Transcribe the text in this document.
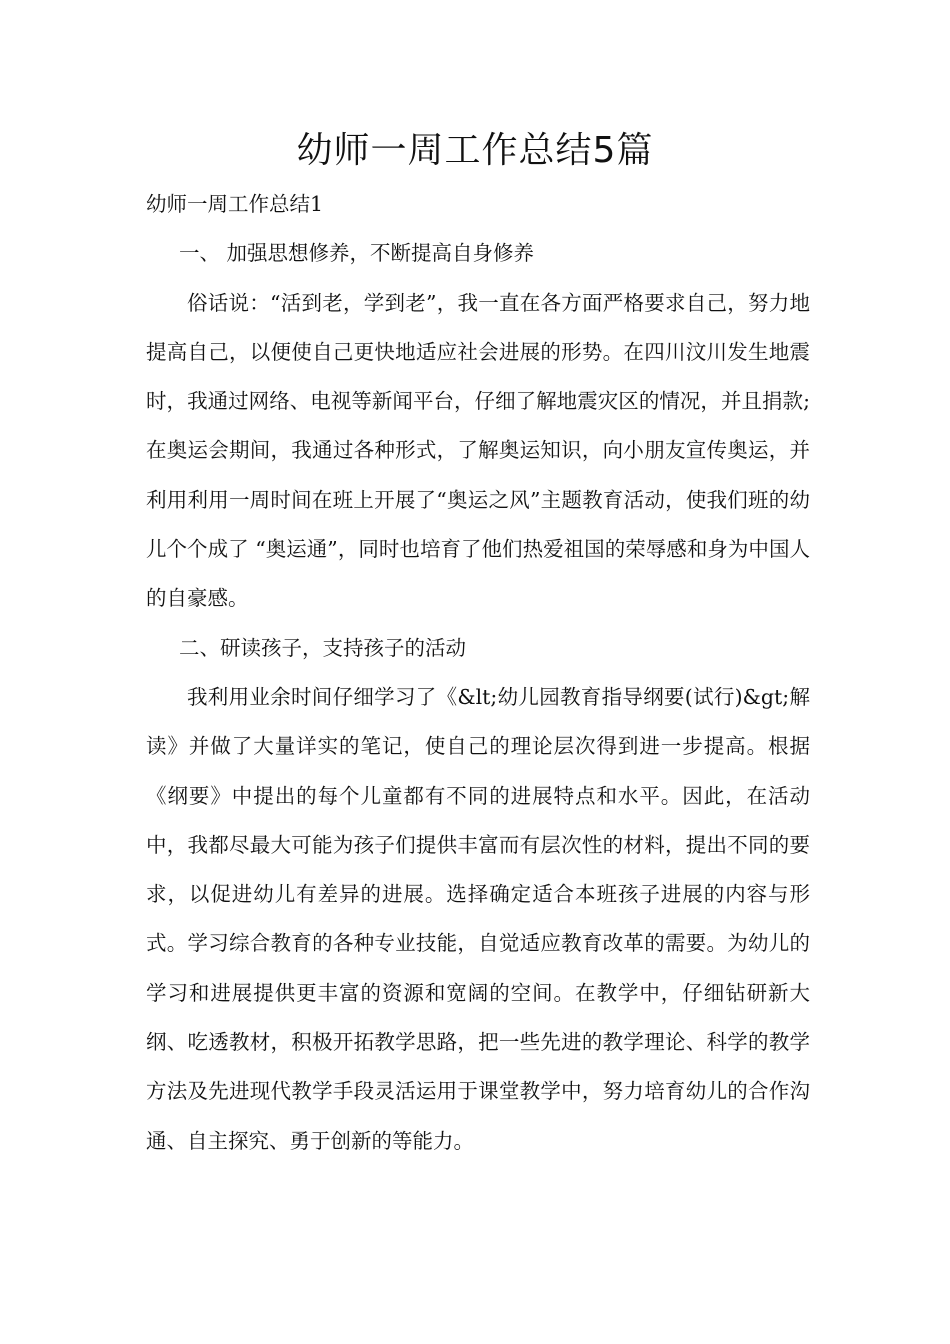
幼师一周工作总结5篇

幼师一周工作总结1

一、 加强思想修养，不断提高自身修养

俗话说：“活到老，学到老”，我一直在各方面严格要求自己，努力地提高自己，以便使自己更快地适应社会进展的形势。在四川汶川发生地震时，我通过网络、电视等新闻平台，仔细了解地震灾区的情况，并且捐款;在奥运会期间，我通过各种形式，了解奥运知识，向小朋友宣传奥运，并利用利用一周时间在班上开展了“奥运之风”主题教育活动，使我们班的幼儿个个成了 “奥运通”，同时也培育了他们热爱祖国的荣辱感和身为中国人的自豪感。

二、研读孩子，支持孩子的活动

我利用业余时间仔细学习了《&lt;幼儿园教育指导纲要(试行)&gt;解读》并做了大量详实的笔记，使自己的理论层次得到进一步提高。根据《纲要》中提出的每个儿童都有不同的进展特点和水平。因此，在活动中，我都尽最大可能为孩子们提供丰富而有层次性的材料，提出不同的要求，以促进幼儿有差异的进展。选择确定适合本班孩子进展的内容与形式。学习综合教育的各种专业技能，自觉适应教育改革的需要。为幼儿的学习和进展提供更丰富的资源和宽阔的空间。在教学中，仔细钻研新大纲、吃透教材，积极开拓教学思路，把一些先进的教学理论、科学的教学方法及先进现代教学手段灵活运用于课堂教学中，努力培育幼儿的合作沟通、自主探究、勇于创新的等能力。
